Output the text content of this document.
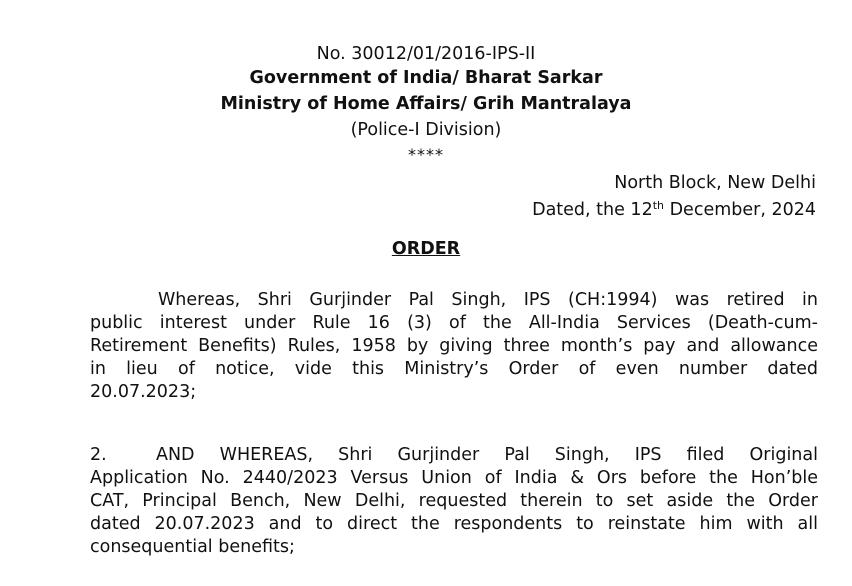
No. 30012/01/2016-IPS-II
Government of India/ Bharat Sarkar
Ministry of Home Affairs/ Grih Mantralaya
(Police-I Division)
****
North Block, New Delhi
Dated, the 12th December, 2024
ORDER
Whereas, Shri Gurjinder Pal Singh, IPS (CH:1994) was retired in
public interest under Rule 16 (3) of the All-India Services (Death-cum-
Retirement Benefits) Rules, 1958 by giving three month’s pay and allowance
in lieu of notice, vide this Ministry’s Order of even number dated
20.07.2023;
2.	AND WHEREAS, Shri Gurjinder Pal Singh, IPS filed Original
Application No. 2440/2023 Versus Union of India & Ors before the Hon’ble
CAT, Principal Bench, New Delhi, requested therein to set aside the Order
dated 20.07.2023 and to direct the respondents to reinstate him with all
consequential benefits;
